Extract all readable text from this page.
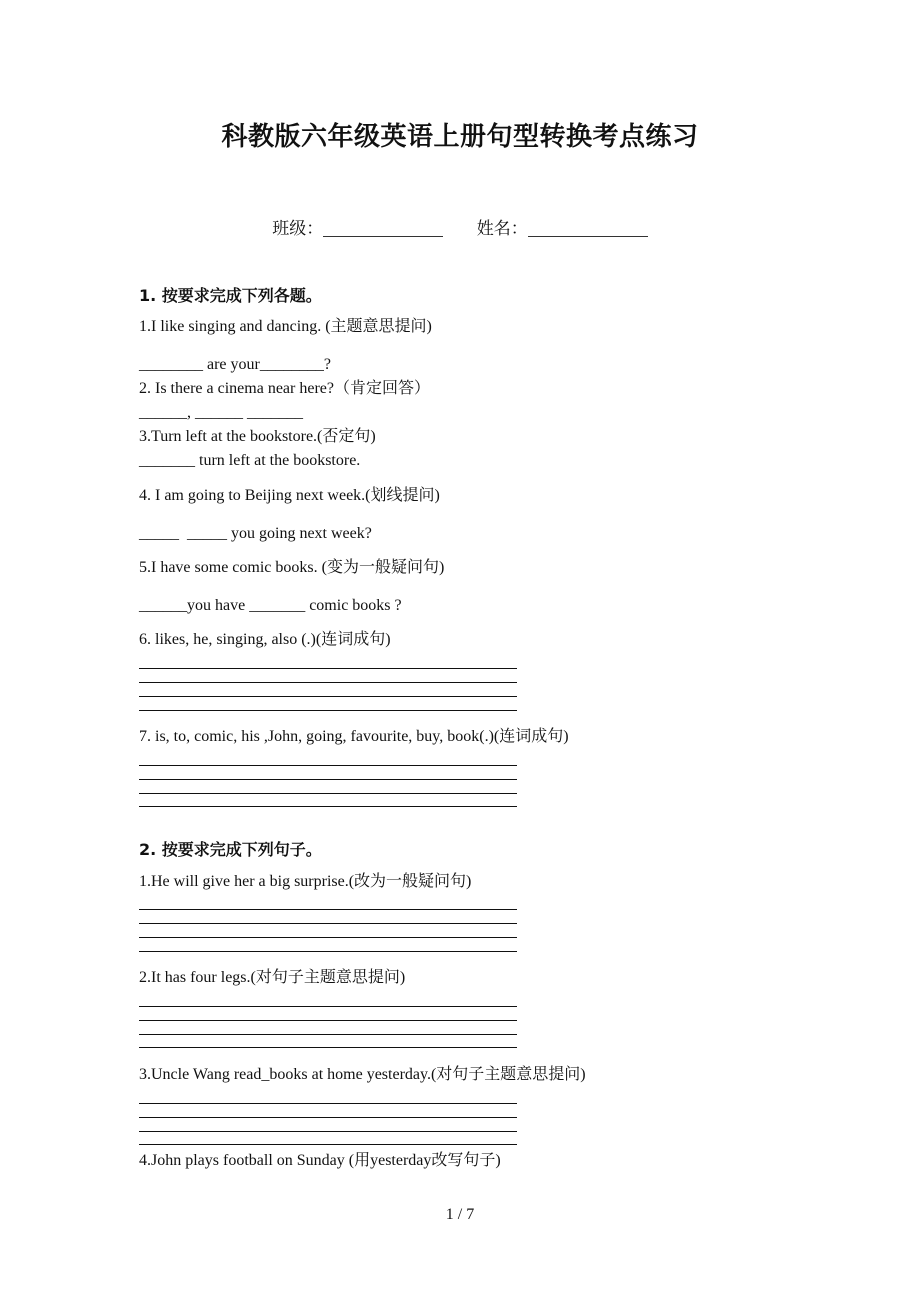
科教版六年级英语上册句型转换考点练习
班级：	姓名：
1. 按要求完成下列各题。
1.I like singing and dancing. (主题意思提问)
________ are your________?
2. Is there a cinema near here?（肯定回答）
______, ______ _______
3.Turn left at the bookstore.(否定句)
_______ turn left at the bookstore.
4. I am going to Beijing next week.(划线提问)
_____  _____ you going next week?
5.I have some comic books. (变为一般疑问句)
______you have _______ comic books ?
6. likes, he, singing, also (.)(连词成句)
7. is, to, comic, his ,John, going, favourite, buy, book(.)(连词成句)
2. 按要求完成下列句子。
1.He will give her a big surprise.(改为一般疑问句)
2.It has four legs.(对句子主题意思提问)
3.Uncle Wang read_books at home yesterday.(对句子主题意思提问)
4.John plays football on Sunday (用yesterday改写句子)
1 / 7
